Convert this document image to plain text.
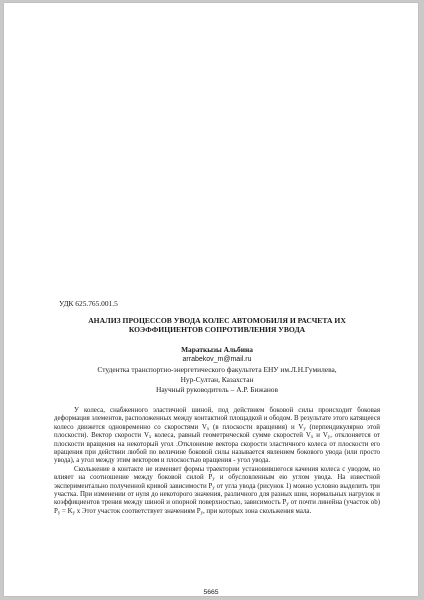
УДК 625.765.001.5
АНАЛИЗ ПРОЦЕССОВ УВОДА КОЛЕС АВТОМОБИЛЯ И РАСЧЕТА ИХ
КОЭФФИЦИЕНТОВ СОПРОТИВЛЕНИЯ УВОДА
Мараткызы Альбина
arrabekov_m@mail.ru
Студентка транспортно-энергетического факультета ЕНУ им.Л.Н.Гумилева,
Нур-Султан, Казахстан
Научный руководитель – А.Р. Бижанов

У колеса, снабженного эластичной шиной, под действием боковой силы происходит боковая деформация элементов, расположенных между контактной площадкой и ободом. В результате этого катящееся колесо движется одновременно со скоростями $V_x$ (в плоскости вращения) и $V_y$ (перпендикулярно этой плоскости). Вектор скорости $V_x$ колеса, равный геометрической сумме скоростей $V_x$ и $V_y$, отклоняется от плоскости вращения на некоторый угол .Отклонение вектора скорости эластичного колеса от плоскости его вращения при действии любой по величине боковой силы называется явлением бокового увода (или просто увода), а угол между этим вектором и плоскостью вращения - угол увода.

Скольжение в контакте не изменяет формы траектории установившегося качения колеса с уводом, но влияет на соотношение между боковой силой $P_y$ и обусловленным ею углом увода. На известной экспериментально полученной кривой зависимости $P_y$ от угла увода (рисунок 1) можно условно выделить три участка. При изменении от нуля до некоторого значения, различного для разных шин, нормальных нагрузок и коэффициентов трения между шиной и опорной поверхностью, зависимость $P_y$ от почти линейна (участок ob) $P_y = K_y$ x Этот участок соответствует значениям $P_y$, при которых зона скольжения мала.

5665
